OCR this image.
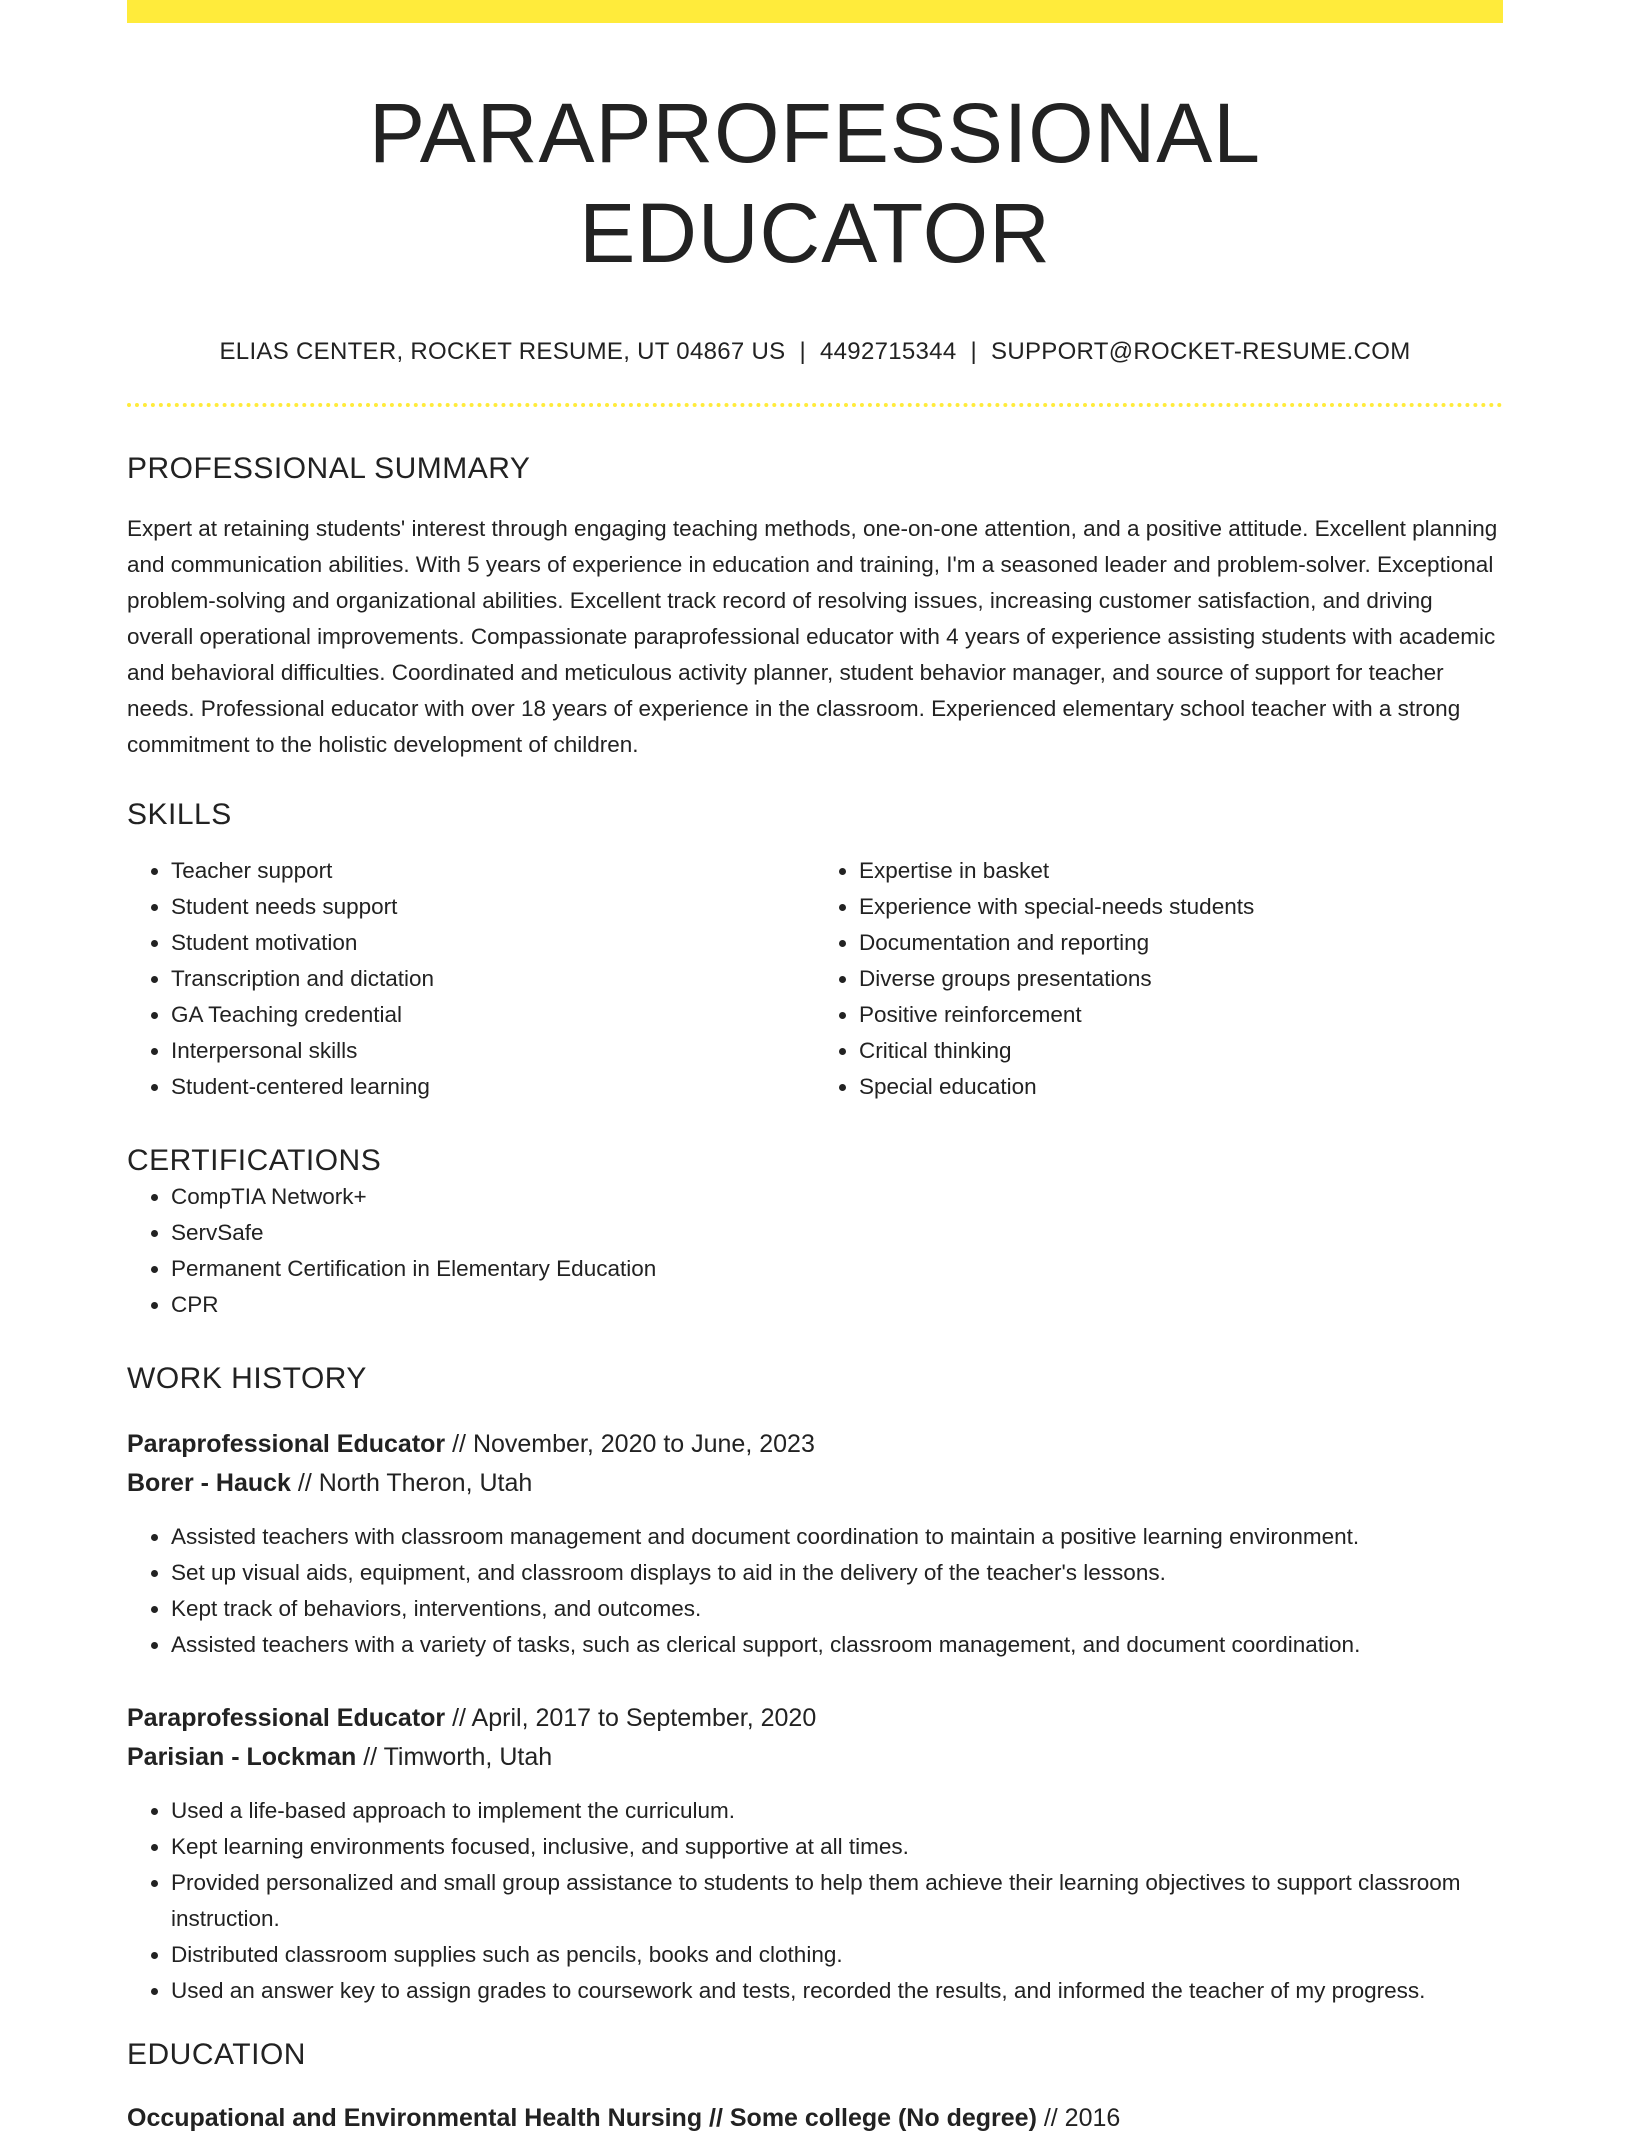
PARAPROFESSIONAL EDUCATOR
ELIAS CENTER, ROCKET RESUME, UT 04867 US | 4492715344 | SUPPORT@ROCKET-RESUME.COM
PROFESSIONAL SUMMARY

Expert at retaining students' interest through engaging teaching methods, one-on-one attention, and a positive attitude. Excellent planning and communication abilities. With 5 years of experience in education and training, I'm a seasoned leader and problem-solver. Exceptional problem-solving and organizational abilities. Excellent track record of resolving issues, increasing customer satisfaction, and driving overall operational improvements. Compassionate paraprofessional educator with 4 years of experience assisting students with academic and behavioral difficulties. Coordinated and meticulous activity planner, student behavior manager, and source of support for teacher needs. Professional educator with over 18 years of experience in the classroom. Experienced elementary school teacher with a strong commitment to the holistic development of children.

SKILLS
• Teacher support
• Student needs support
• Student motivation
• Transcription and dictation
• GA Teaching credential
• Interpersonal skills
• Student-centered learning
• Expertise in basket
• Experience with special-needs students
• Documentation and reporting
• Diverse groups presentations
• Positive reinforcement
• Critical thinking
• Special education
CERTIFICATIONS
• CompTIA Network+
• ServSafe
• Permanent Certification in Elementary Education
• CPR
WORK HISTORY
Paraprofessional Educator // November, 2020 to June, 2023
Borer - Hauck // North Theron, Utah
• Assisted teachers with classroom management and document coordination to maintain a positive learning environment.
• Set up visual aids, equipment, and classroom displays to aid in the delivery of the teacher's lessons.
• Kept track of behaviors, interventions, and outcomes.
• Assisted teachers with a variety of tasks, such as clerical support, classroom management, and document coordination.
Paraprofessional Educator // April, 2017 to September, 2020
Parisian - Lockman // Timworth, Utah
• Used a life-based approach to implement the curriculum.
• Kept learning environments focused, inclusive, and supportive at all times.
• Provided personalized and small group assistance to students to help them achieve their learning objectives to support classroom instruction.
• Distributed classroom supplies such as pencils, books and clothing.
• Used an answer key to assign grades to coursework and tests, recorded the results, and informed the teacher of my progress.
EDUCATION
Occupational and Environmental Health Nursing // Some college (No degree) // 2016
